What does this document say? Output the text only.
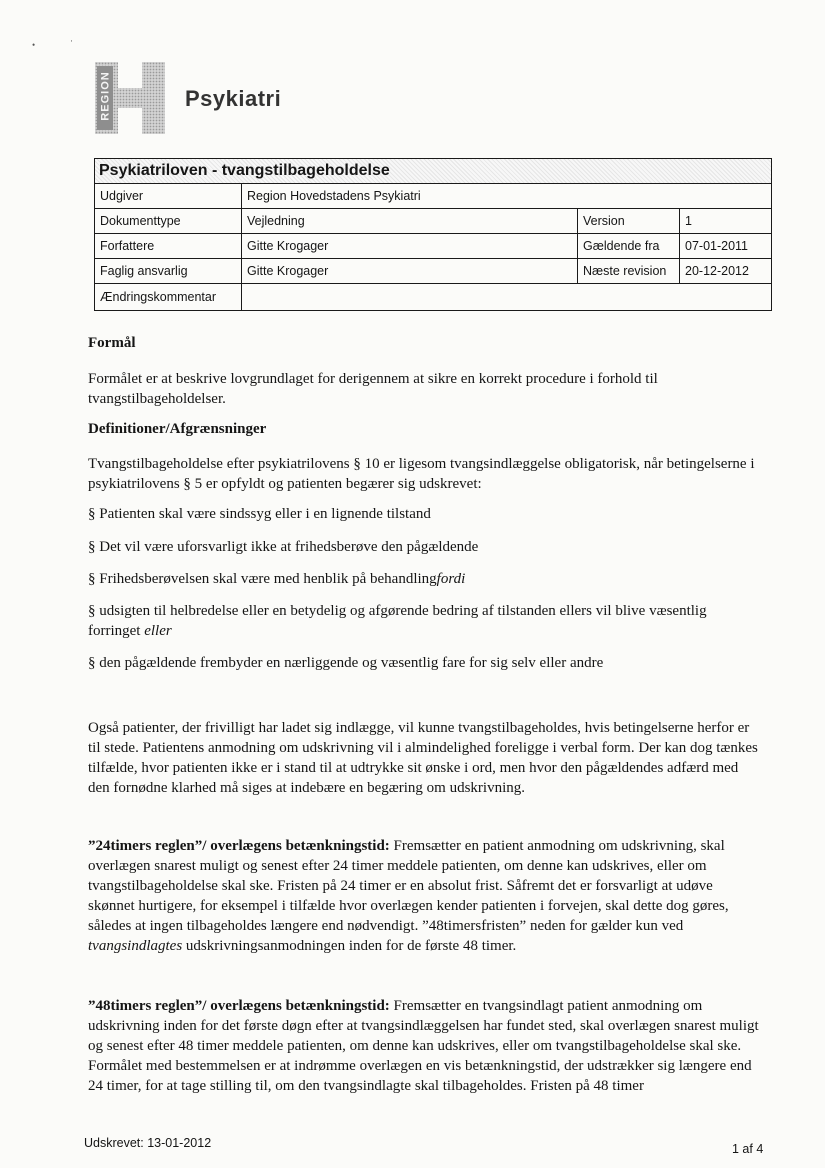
•	·
REGION	Psykiatri
Psykiatriloven - tvangstilbageholdelse
Udgiver	Region Hovedstadens Psykiatri		
Dokumenttype	Vejledning	Version	1
Forfattere	Gitte Krogager	Gældende fra	07-01-2011
Faglig ansvarlig	Gitte Krogager	Næste revision	20-12-2012
Ændringskommentar			
Formål
Formålet er at beskrive lovgrundlaget for derigennem at sikre en korrekt procedure i forhold til tvangstilbageholdelser.
Definitioner/Afgrænsninger
Tvangstilbageholdelse efter psykiatrilovens § 10 er ligesom tvangsindlæggelse obligatorisk, når betingelserne i psykiatrilovens § 5 er opfyldt og patienten begærer sig udskrevet:
§ Patienten skal være sindssyg eller i en lignende tilstand
§ Det vil være uforsvarligt ikke at frihedsberøve den pågældende
§ Frihedsberøvelsen skal være med henblik på behandlingfordi
§ udsigten til helbredelse eller en betydelig og afgørende bedring af tilstanden ellers vil blive væsentlig forringet eller
§ den pågældende frembyder en nærliggende og væsentlig fare for sig selv eller andre
Også patienter, der frivilligt har ladet sig indlægge, vil kunne tvangstilbageholdes, hvis betingelserne herfor er til stede. Patientens anmodning om udskrivning vil i almindelighed foreligge i verbal form. Der kan dog tænkes tilfælde, hvor patienten ikke er i stand til at udtrykke sit ønske i ord, men hvor den pågældendes adfærd med den fornødne klarhed må siges at indebære en begæring om udskrivning.
”24timers reglen”/ overlægens betænkningstid: Fremsætter en patient anmodning om udskrivning, skal overlægen snarest muligt og senest efter 24 timer meddele patienten, om denne kan udskrives, eller om tvangstilbageholdelse skal ske. Fristen på 24 timer er en absolut frist. Såfremt det er forsvarligt at udøve skønnet hurtigere, for eksempel i tilfælde hvor overlægen kender patienten i forvejen, skal dette dog gøres, således at ingen tilbageholdes længere end nødvendigt. ”48timersfristen” neden for gælder kun ved tvangsindlagtes udskrivningsanmodningen inden for de første 48 timer.
”48timers reglen”/ overlægens betænkningstid: Fremsætter en tvangsindlagt patient anmodning om udskrivning inden for det første døgn efter at tvangsindlæggelsen har fundet sted, skal overlægen snarest muligt og senest efter 48 timer meddele patienten, om denne kan udskrives, eller om tvangstilbageholdelse skal ske. Formålet med bestemmelsen er at indrømme overlægen en vis betænkningstid, der udstrækker sig længere end 24 timer, for at tage stilling til, om den tvangsindlagte skal tilbageholdes. Fristen på 48 timer
Udskrevet: 13-01-2012	1 af 4
